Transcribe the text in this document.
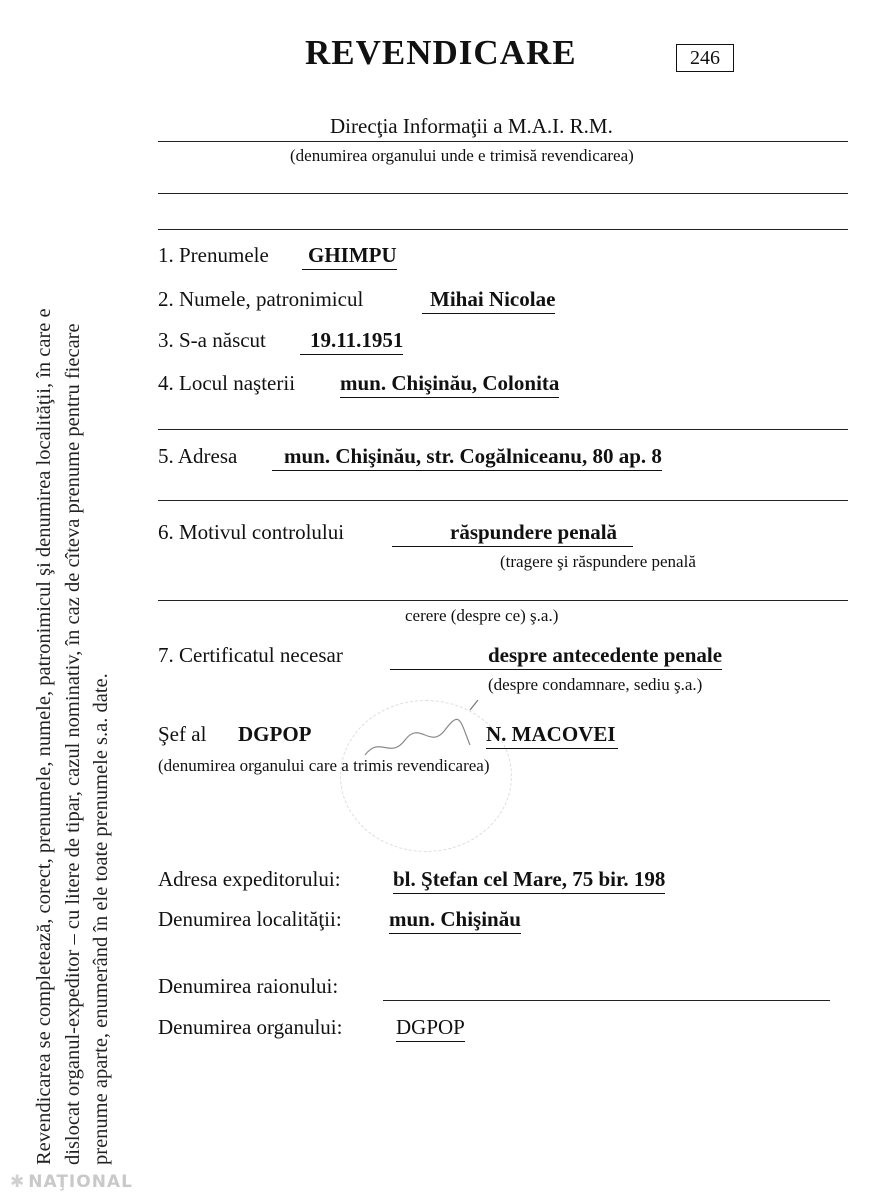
Revendicarea se completează, corect, prenumele, numele, patronimicul şi denumirea localităţii, în care e dislocat organul-expeditor – cu litere de tipar, cazul nominativ, în caz de cîteva prenume pentru fiecare prenume aparte, enumerând în ele toate prenumele s.a. date.
REVENDICARE	246
Direcţia Informaţii a M.A.I. R.M.
(denumirea organului unde e trimisă revendicarea)
1. Prenumele GHIMPU
2. Numele, patronimicul	Mihai Nicolae
3. S-a născut	19.11.1951
4. Locul naşterii mun. Chişinău, Colonita
5. Adresa	mun. Chişinău, str. Cogălniceanu, 80 ap. 8
6. Motivul controlului	răspundere penală
(tragere şi răspundere penală
cerere (despre ce) ş.a.)
7. Certificatul necesar	despre antecedente penale
(despre condamnare, sediu ş.a.)
Şef al DGPOP	N. MACOVEI
(denumirea organului care a trimis revendicarea)
Adresa expeditorului: bl. Ştefan cel Mare, 75 bir. 198
Denumirea localităţii: mun. Chişinău
Denumirea raionului:
Denumirea organului:	DGPOP
✱ NAŢIONAL
